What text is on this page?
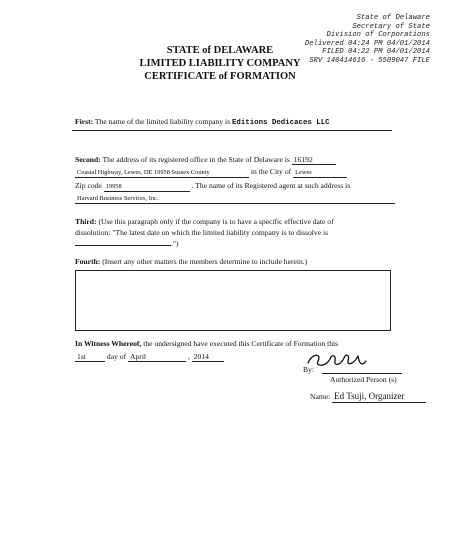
State of Delaware
Secretary of State
Division of Corporations
Delivered 04:24 PM 04/01/2014
FILED 04:22 PM 04/01/2014
SRV 140414616 - 5509047 FILE
STATE of DELAWARE
LIMITED LIABILITY COMPANY
CERTIFICATE of FORMATION
First: The name of the limited liability company is Editions Dedicaces LLC
Second: The address of its registered office in the State of Delaware is 16192
Coastal Highway, Lewes, DE 19958 Sussex County	in the City of Lewes
Zip code 19958	. The name of its Registered agent at such address is
Harvard Business Services, Inc.
Third: (Use this paragraph only if the company is to have a specific effective date of
dissolution: "The latest date on which the limited liability company is to dissolve is
.")
Fourth: (Insert any other matters the members determine to include herein.)
In Witness Whereof, the undersigned have executed this Certificate of Formation this
1st	day of April	, 2014
By:
Authorized Person (s)
Name: Ed Tsuji, Organizer
